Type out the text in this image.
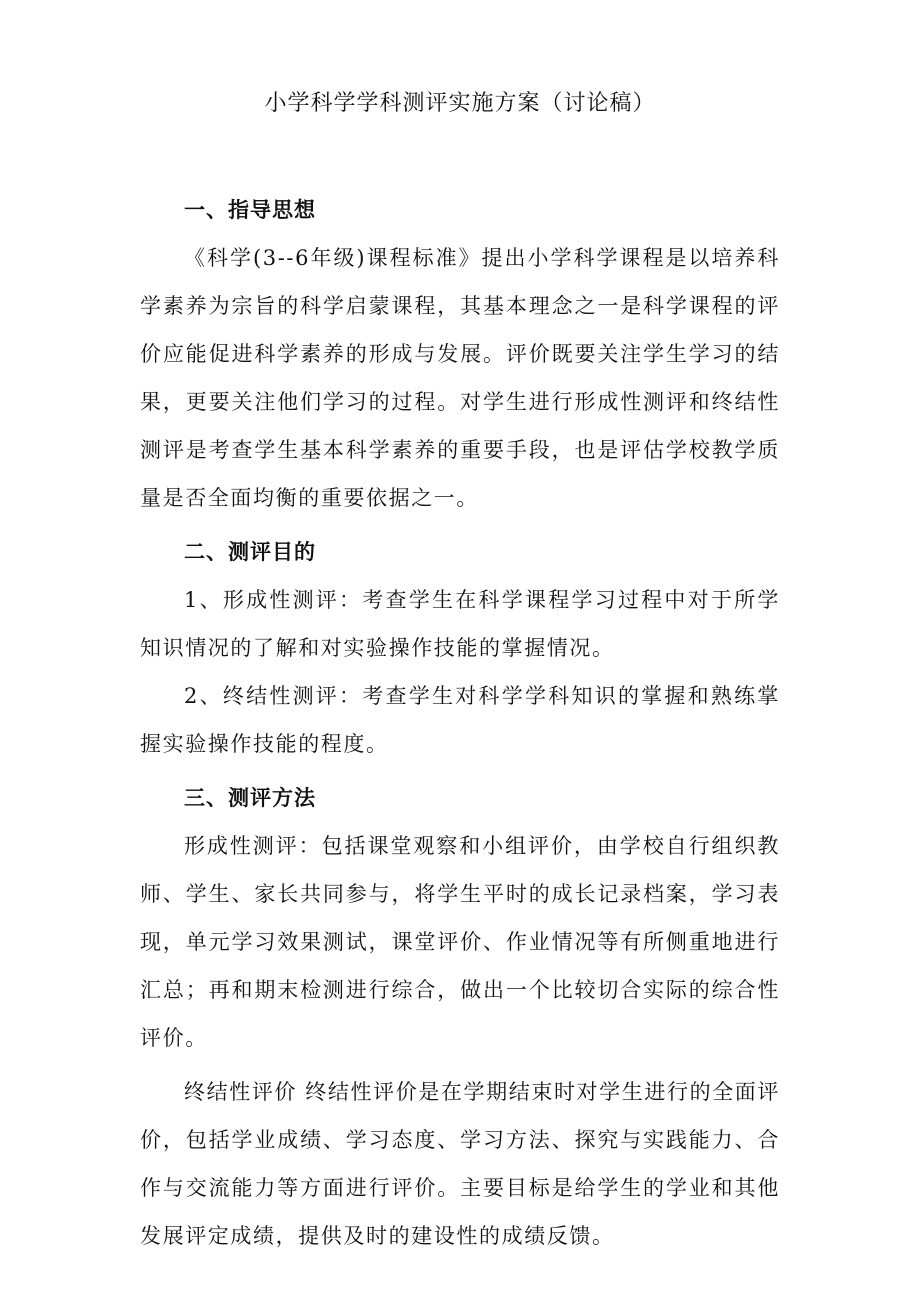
小学科学学科测评实施方案（讨论稿）
一、指导思想

《科学(3--6年级)课程标准》提出小学科学课程是以培养科学素养为宗旨的科学启蒙课程，其基本理念之一是科学课程的评价应能促进科学素养的形成与发展。评价既要关注学生学习的结果，更要关注他们学习的过程。对学生进行形成性测评和终结性测评是考查学生基本科学素养的重要手段，也是评估学校教学质量是否全面均衡的重要依据之一。

二、测评目的

1、形成性测评：考查学生在科学课程学习过程中对于所学知识情况的了解和对实验操作技能的掌握情况。

2、终结性测评：考查学生对科学学科知识的掌握和熟练掌握实验操作技能的程度。

三、测评方法

形成性测评：包括课堂观察和小组评价，由学校自行组织教师、学生、家长共同参与，将学生平时的成长记录档案，学习表现，单元学习效果测试，课堂评价、作业情况等有所侧重地进行汇总；再和期末检测进行综合，做出一个比较切合实际的综合性评价。

终结性评价 终结性评价是在学期结束时对学生进行的全面评价，包括学业成绩、学习态度、学习方法、探究与实践能力、合作与交流能力等方面进行评价。主要目标是给学生的学业和其他发展评定成绩，提供及时的建设性的成绩反馈。
